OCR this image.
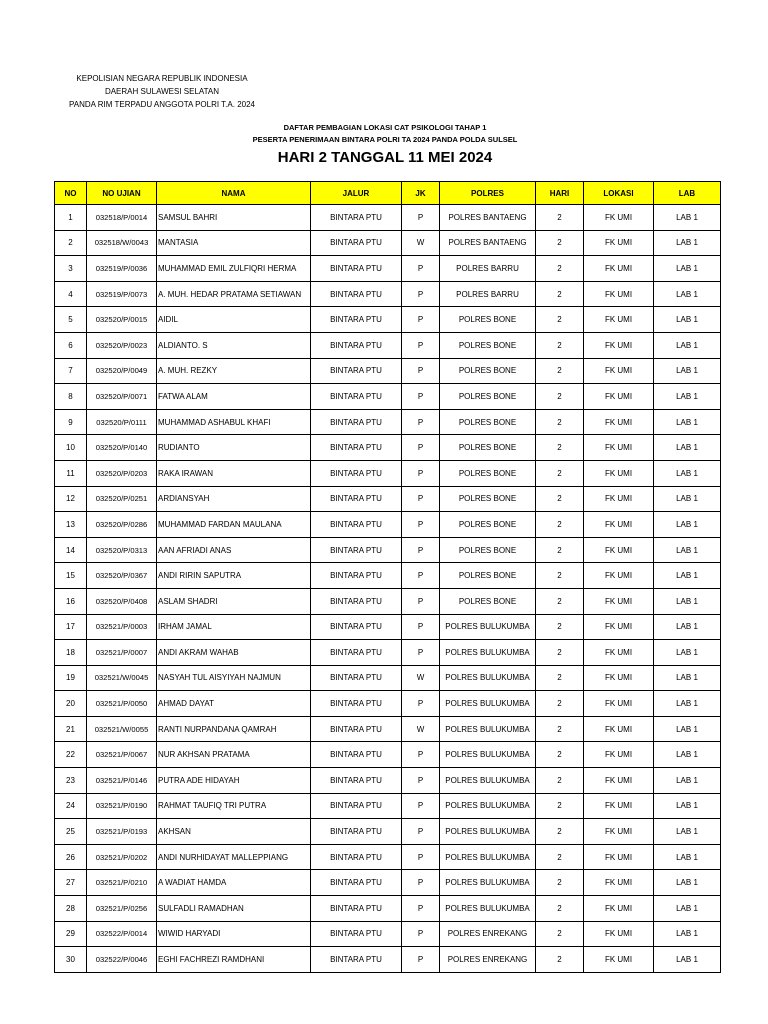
KEPOLISIAN NEGARA REPUBLIK INDONESIA
DAERAH SULAWESI SELATAN
PANDA RIM TERPADU ANGGOTA POLRI T.A. 2024
DAFTAR PEMBAGIAN LOKASI CAT PSIKOLOGI TAHAP 1
PESERTA PENERIMAAN BINTARA POLRI TA 2024 PANDA POLDA SULSEL
HARI 2 TANGGAL 11 MEI 2024
NO	NO UJIAN	NAMA	JALUR	JK	POLRES	HARI	LOKASI	LAB
1	032518/P/0014	SAMSUL BAHRI	BINTARA PTU	P	POLRES BANTAENG	2	FK UMI	LAB 1
2	032518/W/0043	MANTASIA	BINTARA PTU	W	POLRES BANTAENG	2	FK UMI	LAB 1
3	032519/P/0036	MUHAMMAD EMIL ZULFIQRI HERMA	BINTARA PTU	P	POLRES BARRU	2	FK UMI	LAB 1
4	032519/P/0073	A. MUH. HEDAR PRATAMA SETIAWAN	BINTARA PTU	P	POLRES BARRU	2	FK UMI	LAB 1
5	032520/P/0015	AIDIL	BINTARA PTU	P	POLRES BONE	2	FK UMI	LAB 1
6	032520/P/0023	ALDIANTO. S	BINTARA PTU	P	POLRES BONE	2	FK UMI	LAB 1
7	032520/P/0049	A. MUH. REZKY	BINTARA PTU	P	POLRES BONE	2	FK UMI	LAB 1
8	032520/P/0071	FATWA ALAM	BINTARA PTU	P	POLRES BONE	2	FK UMI	LAB 1
9	032520/P/0111	MUHAMMAD ASHABUL KHAFI	BINTARA PTU	P	POLRES BONE	2	FK UMI	LAB 1
10	032520/P/0140	RUDIANTO	BINTARA PTU	P	POLRES BONE	2	FK UMI	LAB 1
11	032520/P/0203	RAKA IRAWAN	BINTARA PTU	P	POLRES BONE	2	FK UMI	LAB 1
12	032520/P/0251	ARDIANSYAH	BINTARA PTU	P	POLRES BONE	2	FK UMI	LAB 1
13	032520/P/0286	MUHAMMAD FARDAN MAULANA	BINTARA PTU	P	POLRES BONE	2	FK UMI	LAB 1
14	032520/P/0313	AAN AFRIADI ANAS	BINTARA PTU	P	POLRES BONE	2	FK UMI	LAB 1
15	032520/P/0367	ANDI RIRIN SAPUTRA	BINTARA PTU	P	POLRES BONE	2	FK UMI	LAB 1
16	032520/P/0408	ASLAM SHADRI	BINTARA PTU	P	POLRES BONE	2	FK UMI	LAB 1
17	032521/P/0003	IRHAM JAMAL	BINTARA PTU	P	POLRES BULUKUMBA	2	FK UMI	LAB 1
18	032521/P/0007	ANDI AKRAM WAHAB	BINTARA PTU	P	POLRES BULUKUMBA	2	FK UMI	LAB 1
19	032521/W/0045	NASYAH TUL AISYIYAH NAJMUN	BINTARA PTU	W	POLRES BULUKUMBA	2	FK UMI	LAB 1
20	032521/P/0050	AHMAD DAYAT	BINTARA PTU	P	POLRES BULUKUMBA	2	FK UMI	LAB 1
21	032521/W/0055	RANTI NURPANDANA QAMRAH	BINTARA PTU	W	POLRES BULUKUMBA	2	FK UMI	LAB 1
22	032521/P/0067	NUR AKHSAN PRATAMA	BINTARA PTU	P	POLRES BULUKUMBA	2	FK UMI	LAB 1
23	032521/P/0146	PUTRA ADE HIDAYAH	BINTARA PTU	P	POLRES BULUKUMBA	2	FK UMI	LAB 1
24	032521/P/0190	RAHMAT TAUFIQ TRI PUTRA	BINTARA PTU	P	POLRES BULUKUMBA	2	FK UMI	LAB 1
25	032521/P/0193	AKHSAN	BINTARA PTU	P	POLRES BULUKUMBA	2	FK UMI	LAB 1
26	032521/P/0202	ANDI NURHIDAYAT MALLEPPIANG	BINTARA PTU	P	POLRES BULUKUMBA	2	FK UMI	LAB 1
27	032521/P/0210	A WADIAT HAMDA	BINTARA PTU	P	POLRES BULUKUMBA	2	FK UMI	LAB 1
28	032521/P/0256	SULFADLI RAMADHAN	BINTARA PTU	P	POLRES BULUKUMBA	2	FK UMI	LAB 1
29	032522/P/0014	WIWID HARYADI	BINTARA PTU	P	POLRES ENREKANG	2	FK UMI	LAB 1
30	032522/P/0046	EGHI FACHREZI RAMDHANI	BINTARA PTU	P	POLRES ENREKANG	2	FK UMI	LAB 1
